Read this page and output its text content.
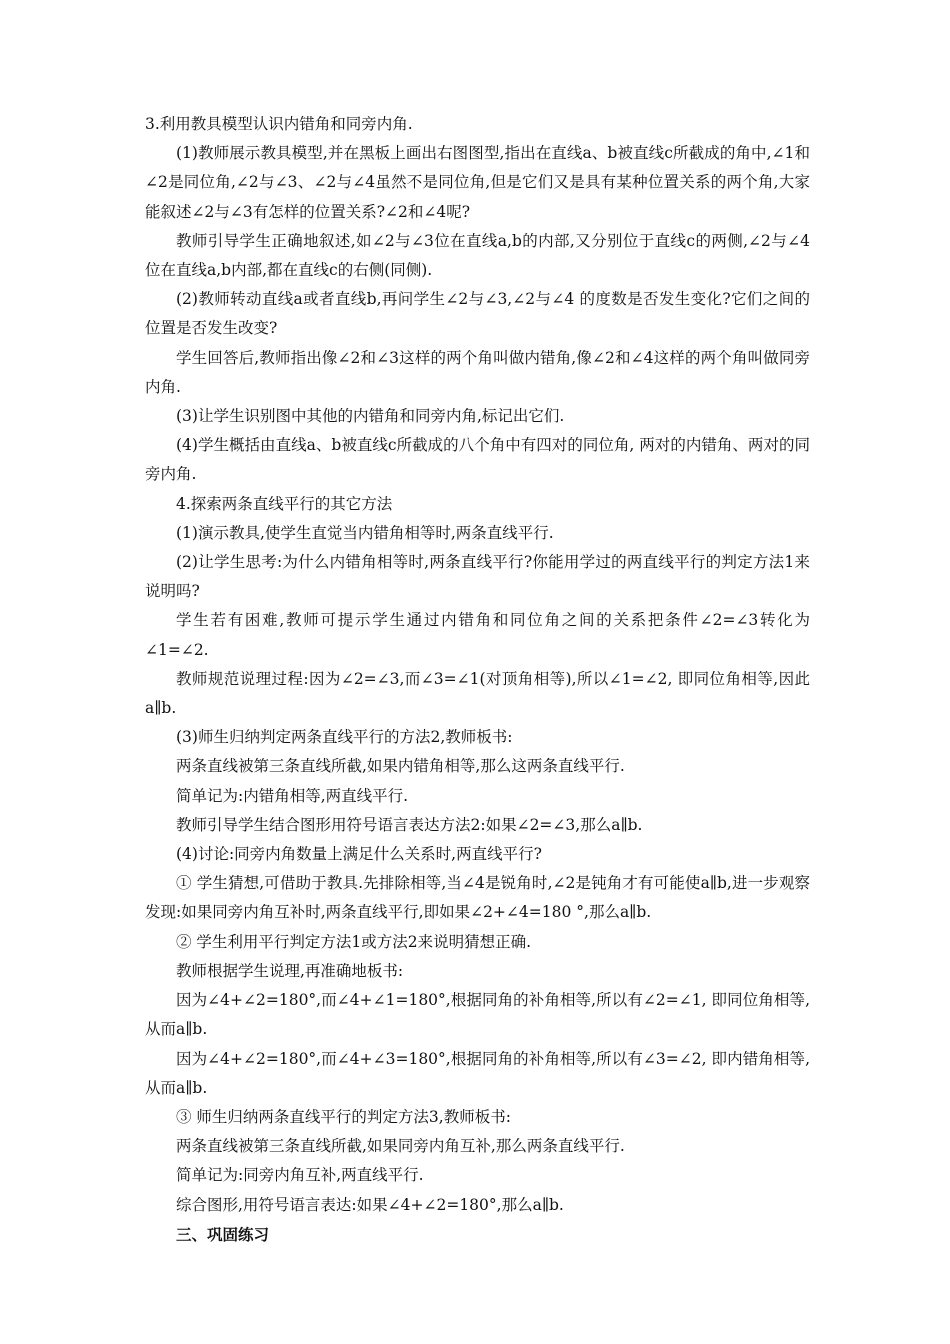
3.利用教具模型认识内错角和同旁内角.

(1)教师展示教具模型,并在黑板上画出右图图型,指出在直线a、b被直线c所截成的角中,∠1和∠2是同位角,∠2与∠3、∠2与∠4虽然不是同位角,但是它们又是具有某种位置关系的两个角,大家能叙述∠2与∠3有怎样的位置关系?∠2和∠4呢?

教师引导学生正确地叙述,如∠2与∠3位在直线a,b的内部,又分别位于直线c的两侧,∠2与∠4位在直线a,b内部,都在直线c的右侧(同侧).

(2)教师转动直线a或者直线b,再问学生∠2与∠3,∠2与∠4 的度数是否发生变化?它们之间的位置是否发生改变?

学生回答后,教师指出像∠2和∠3这样的两个角叫做内错角,像∠2和∠4这样的两个角叫做同旁内角.

(3)让学生识别图中其他的内错角和同旁内角,标记出它们.

(4)学生概括由直线a、b被直线c所截成的八个角中有四对的同位角, 两对的内错角、两对的同旁内角.

4.探索两条直线平行的其它方法

(1)演示教具,使学生直觉当内错角相等时,两条直线平行.

(2)让学生思考:为什么内错角相等时,两条直线平行?你能用学过的两直线平行的判定方法1来说明吗?

学生若有困难,教师可提示学生通过内错角和同位角之间的关系把条件∠2=∠3转化为∠1=∠2.

教师规范说理过程:因为∠2=∠3,而∠3=∠1(对顶角相等),所以∠1=∠2, 即同位角相等,因此a∥b.

(3)师生归纳判定两条直线平行的方法2,教师板书:

两条直线被第三条直线所截,如果内错角相等,那么这两条直线平行.

简单记为:内错角相等,两直线平行.

教师引导学生结合图形用符号语言表达方法2:如果∠2=∠3,那么a∥b.

(4)讨论:同旁内角数量上满足什么关系时,两直线平行?

① 学生猜想,可借助于教具.先排除相等,当∠4是锐角时,∠2是钝角才有可能使a∥b,进一步观察发现:如果同旁内角互补时,两条直线平行,即如果∠2+∠4=180 °,那么a∥b.

② 学生利用平行判定方法1或方法2来说明猜想正确.

教师根据学生说理,再准确地板书:

因为∠4+∠2=180°,而∠4+∠1=180°,根据同角的补角相等,所以有∠2=∠1, 即同位角相等,从而a∥b.

因为∠4+∠2=180°,而∠4+∠3=180°,根据同角的补角相等,所以有∠3=∠2, 即内错角相等,从而a∥b.

③ 师生归纳两条直线平行的判定方法3,教师板书:

两条直线被第三条直线所截,如果同旁内角互补,那么两条直线平行.

简单记为:同旁内角互补,两直线平行.

综合图形,用符号语言表达:如果∠4+∠2=180°,那么a∥b.

三、巩固练习
